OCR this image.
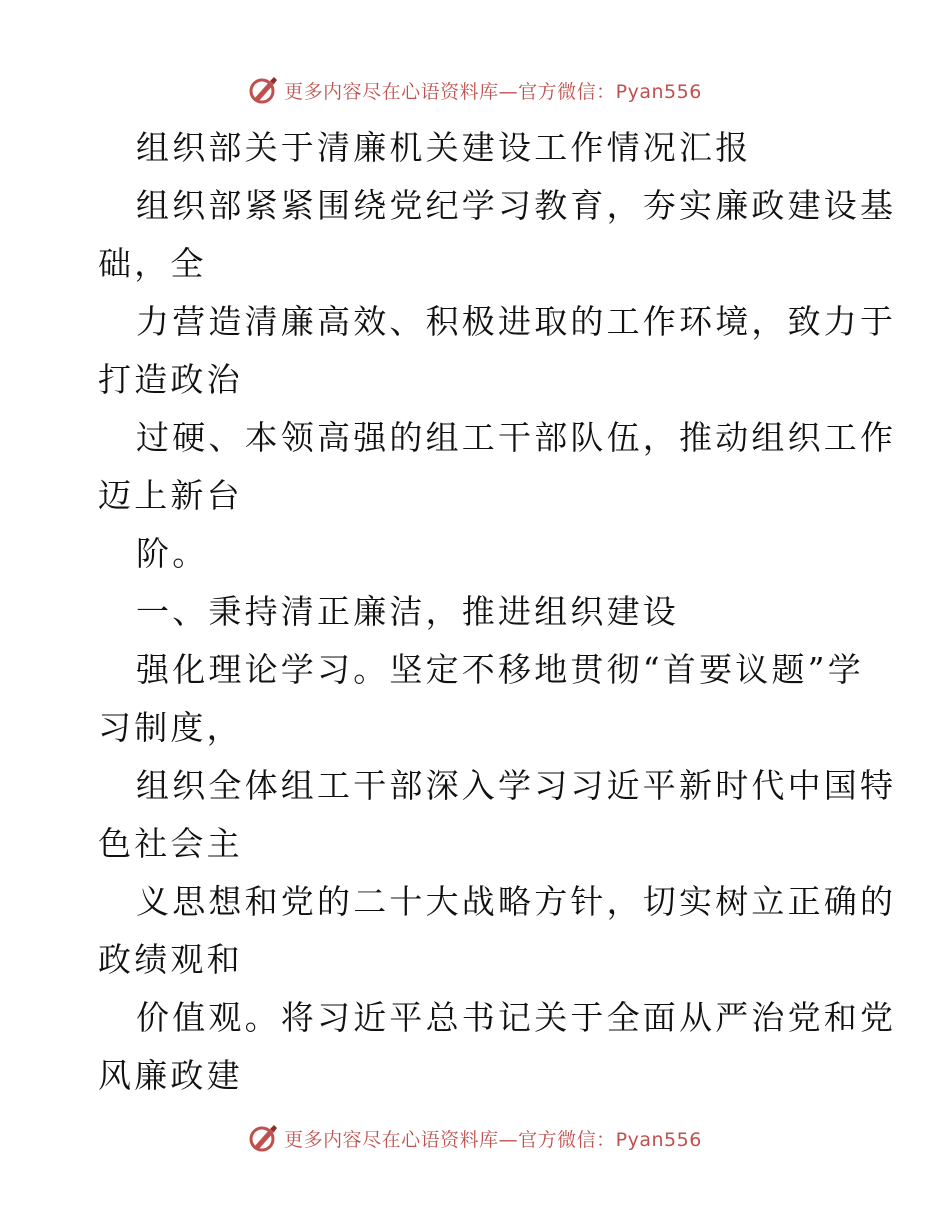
更多内容尽在心语资料库—官方微信：Pyan556
组织部关于清廉机关建设工作情况汇报
组织部紧紧围绕党纪学习教育，夯实廉政建设基
础，全
力营造清廉高效、积极进取的工作环境，致力于
打造政治
过硬、本领高强的组工干部队伍，推动组织工作
迈上新台
阶。
一、秉持清正廉洁，推进组织建设
强化理论学习。坚定不移地贯彻“首要议题”学
习制度，
组织全体组工干部深入学习习近平新时代中国特
色社会主
义思想和党的二十大战略方针，切实树立正确的
政绩观和
价值观。将习近平总书记关于全面从严治党和党
风廉政建
更多内容尽在心语资料库—官方微信：Pyan556
